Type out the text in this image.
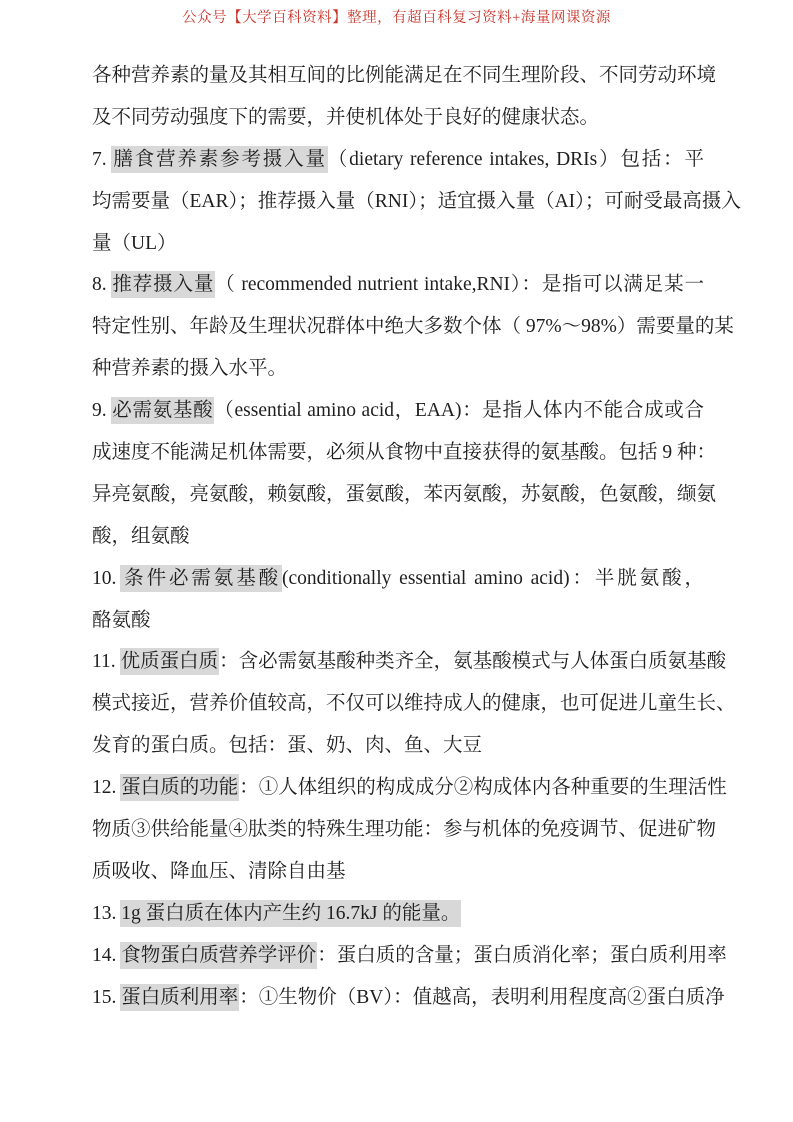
公众号【大学百科资料】整理，有超百科复习资料+海量网课资源
各种营养素的量及其相互间的比例能满足在不同生理阶段、不同劳动环境
及不同劳动强度下的需要，并使机体处于良好的健康状态。
7.  膳食营养素参考摄入量（dietary reference intakes, DRIs）包括：平
均需要量（EAR）；推荐摄入量（RNI）；适宜摄入量（AI）；可耐受最高摄入
量（UL）
8.  推荐摄入量（ recommended nutrient intake,RNI）：是指可以满足某一
特定性别、年龄及生理状况群体中绝大多数个体（ 97%～98%）需要量的某
种营养素的摄入水平。
9.  必需氨基酸（essential amino acid，EAA)：是指人体内不能合成或合
成速度不能满足机体需要，必须从食物中直接获得的氨基酸。包括 9 种：
异亮氨酸，亮氨酸，赖氨酸，蛋氨酸，苯丙氨酸，苏氨酸，色氨酸，缬氨
酸，组氨酸
10.  条件必需氨基酸(conditionally essential amino acid)：半胱氨酸，
酪氨酸
11.  优质蛋白质：含必需氨基酸种类齐全，氨基酸模式与人体蛋白质氨基酸
模式接近，营养价值较高，不仅可以维持成人的健康，也可促进儿童生长、
发育的蛋白质。包括：蛋、奶、肉、鱼、大豆
12.  蛋白质的功能：①人体组织的构成成分②构成体内各种重要的生理活性
物质③供给能量④肽类的特殊生理功能：参与机体的免疫调节、促进矿物
质吸收、降血压、清除自由基
13.  1g 蛋白质在体内产生约 16.7kJ 的能量。
14.  食物蛋白质营养学评价：蛋白质的含量；蛋白质消化率；蛋白质利用率
15.  蛋白质利用率：①生物价（BV）：值越高，表明利用程度高②蛋白质净
